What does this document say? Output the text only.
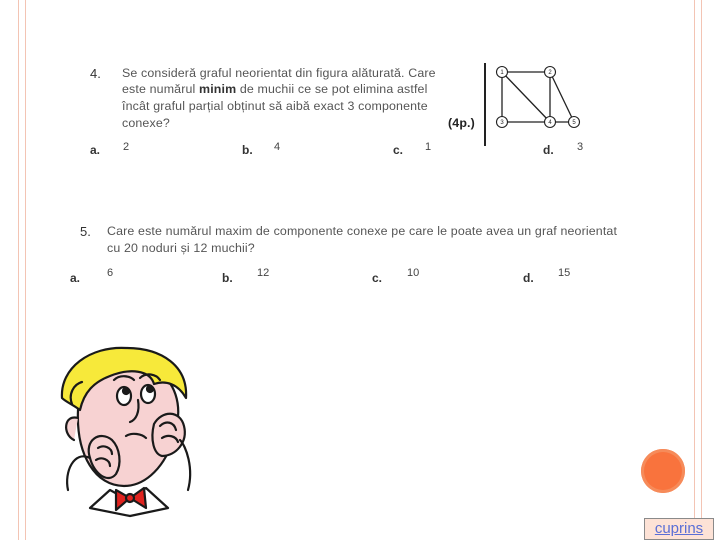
4. Se consideră graful neorientat din figura alăturată. Care
este numărul minim de muchii ce se pot elimina astfel
încât graful parțial obținut să aibă exact 3 componente
conexe?	(4p.)
1	2
3	4	5
a. 2	b. 4	c. 1	d. 3
5. Care este numărul maxim de componente conexe pe care le poate avea un graf neorientat
cu 20 noduri și 12 muchii?
a. 6	b. 12	c. 10	d. 15
cuprins
